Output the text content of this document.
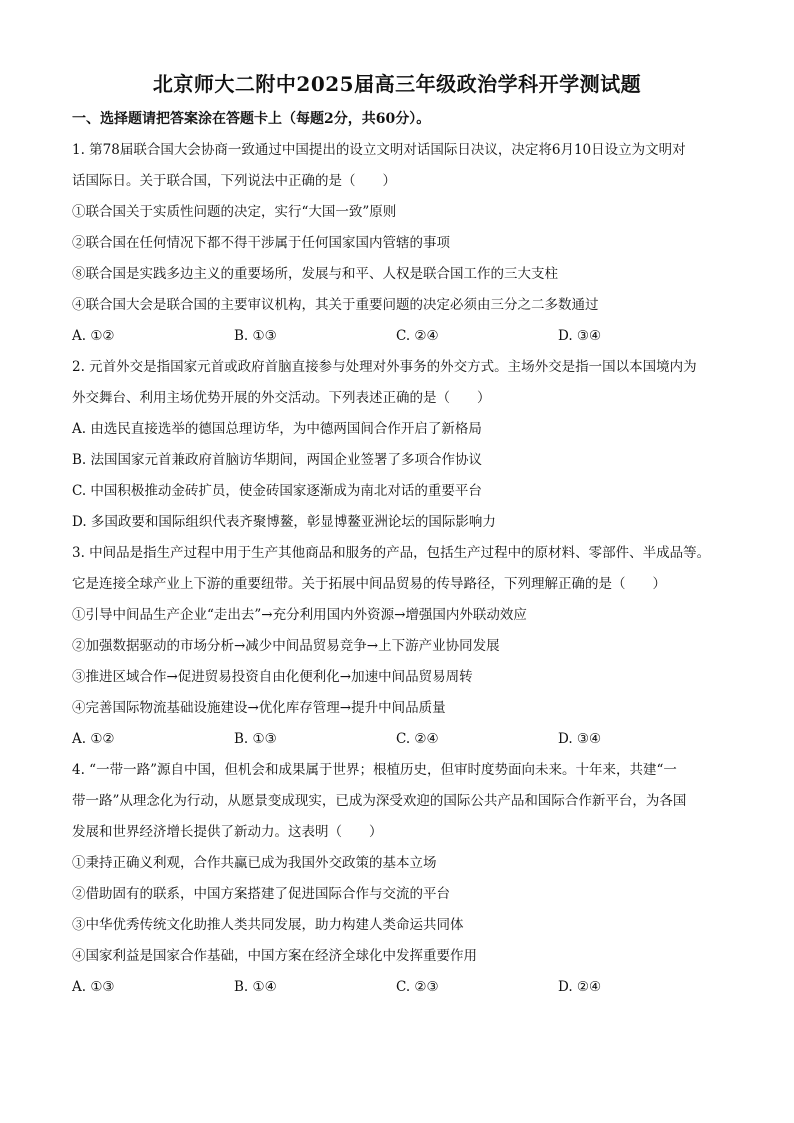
北京师大二附中2025届高三年级政治学科开学测试题
一、选择题请把答案涂在答题卡上（每题2分，共60分）。
1. 第78届联合国大会协商一致通过中国提出的设立文明对话国际日决议，决定将6月10日设立为文明对
话国际日。关于联合国，下列说法中正确的是（　　）
①联合国关于实质性问题的决定，实行“大国一致”原则
②联合国在任何情况下都不得干涉属于任何国家国内管辖的事项
⑧联合国是实践多边主义的重要场所，发展与和平、人权是联合国工作的三大支柱
④联合国大会是联合国的主要审议机构，其关于重要问题的决定必须由三分之二多数通过
A. ①②	B. ①③	C. ②④	D. ③④
2. 元首外交是指国家元首或政府首脑直接参与处理对外事务的外交方式。主场外交是指一国以本国境内为
外交舞台、利用主场优势开展的外交活动。下列表述正确的是（　　）
A. 由选民直接选举的德国总理访华，为中德两国间合作开启了新格局
B. 法国国家元首兼政府首脑访华期间，两国企业签署了多项合作协议
C. 中国积极推动金砖扩员，使金砖国家逐渐成为南北对话的重要平台
D. 多国政要和国际组织代表齐聚博鳌，彰显博鳌亚洲论坛的国际影响力
3. 中间品是指生产过程中用于生产其他商品和服务的产品，包括生产过程中的原材料、零部件、半成品等。
它是连接全球产业上下游的重要纽带。关于拓展中间品贸易的传导路径，下列理解正确的是（　　）
①引导中间品生产企业“走出去”→充分利用国内外资源→增强国内外联动效应
②加强数据驱动的市场分析→减少中间品贸易竞争→上下游产业协同发展
③推进区域合作→促进贸易投资自由化便利化→加速中间品贸易周转
④完善国际物流基础设施建设→优化库存管理→提升中间品质量
A. ①②	B. ①③	C. ②④	D. ③④
4. “一带一路”源自中国，但机会和成果属于世界；根植历史，但审时度势面向未来。十年来，共建“一
带一路”从理念化为行动，从愿景变成现实，已成为深受欢迎的国际公共产品和国际合作新平台，为各国
发展和世界经济增长提供了新动力。这表明（　　）
①秉持正确义利观，合作共赢已成为我国外交政策的基本立场
②借助固有的联系，中国方案搭建了促进国际合作与交流的平台
③中华优秀传统文化助推人类共同发展，助力构建人类命运共同体
④国家利益是国家合作基础，中国方案在经济全球化中发挥重要作用
A. ①③	B. ①④	C. ②③	D. ②④
